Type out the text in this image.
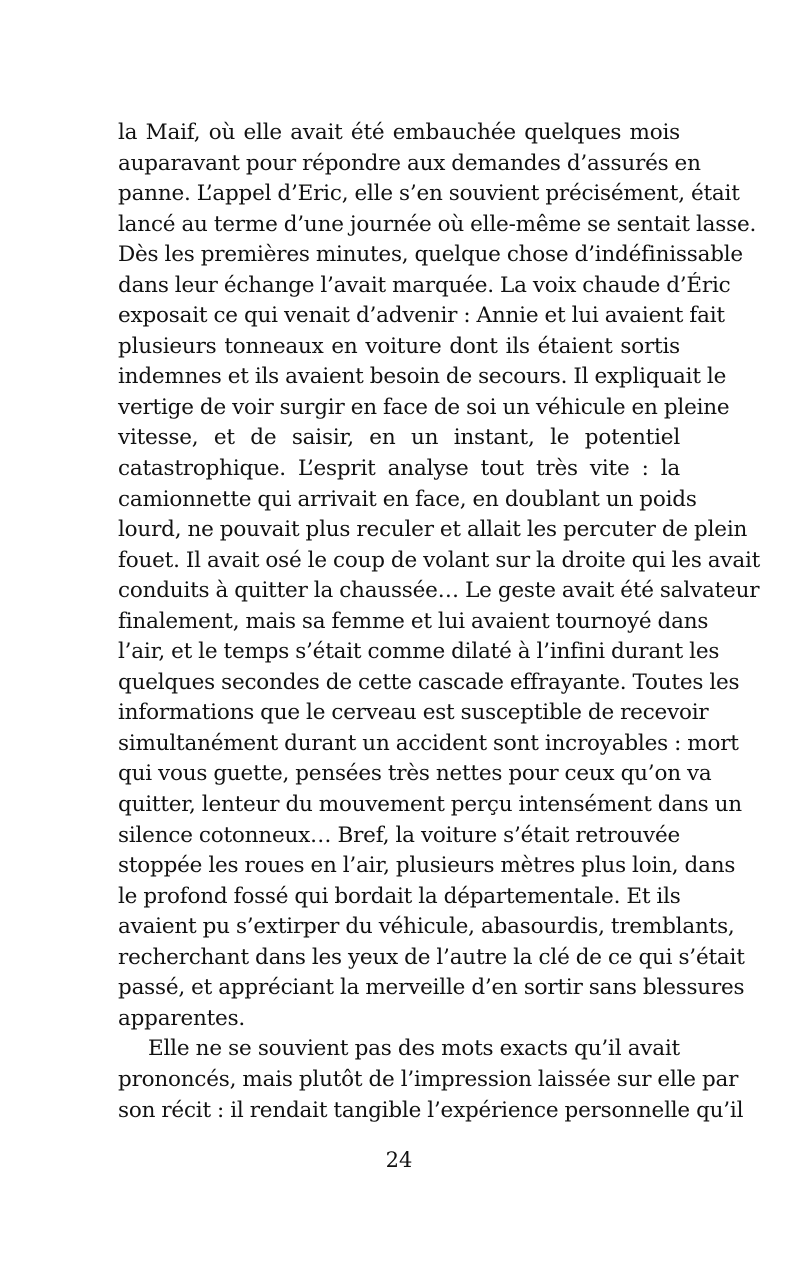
la Maif, où elle avait été embauchée quelques mois
auparavant pour répondre aux demandes d’assurés en
panne. L’appel d’Eric, elle s’en souvient précisément, était
lancé au terme d’une journée où elle-même se sentait lasse.
Dès les premières minutes, quelque chose d’indéfinissable
dans leur échange l’avait marquée. La voix chaude d’Éric
exposait ce qui venait d’advenir : Annie et lui avaient fait
plusieurs tonneaux en voiture dont ils étaient sortis
indemnes et ils avaient besoin de secours. Il expliquait le
vertige de voir surgir en face de soi un véhicule en pleine
vitesse, et de saisir, en un instant, le potentiel
catastrophique. L’esprit analyse tout très vite : la
camionnette qui arrivait en face, en doublant un poids
lourd, ne pouvait plus reculer et allait les percuter de plein
fouet. Il avait osé le coup de volant sur la droite qui les avait
conduits à quitter la chaussée… Le geste avait été salvateur
finalement, mais sa femme et lui avaient tournoyé dans
l’air, et le temps s’était comme dilaté à l’infini durant les
quelques secondes de cette cascade effrayante. Toutes les
informations que le cerveau est susceptible de recevoir
simultanément durant un accident sont incroyables : mort
qui vous guette, pensées très nettes pour ceux qu’on va
quitter, lenteur du mouvement perçu intensément dans un
silence cotonneux… Bref, la voiture s’était retrouvée
stoppée les roues en l’air, plusieurs mètres plus loin, dans
le profond fossé qui bordait la départementale. Et ils
avaient pu s’extirper du véhicule, abasourdis, tremblants,
recherchant dans les yeux de l’autre la clé de ce qui s’était
passé, et appréciant la merveille d’en sortir sans blessures
apparentes.
Elle ne se souvient pas des mots exacts qu’il avait
prononcés, mais plutôt de l’impression laissée sur elle par
son récit : il rendait tangible l’expérience personnelle qu’il
24
